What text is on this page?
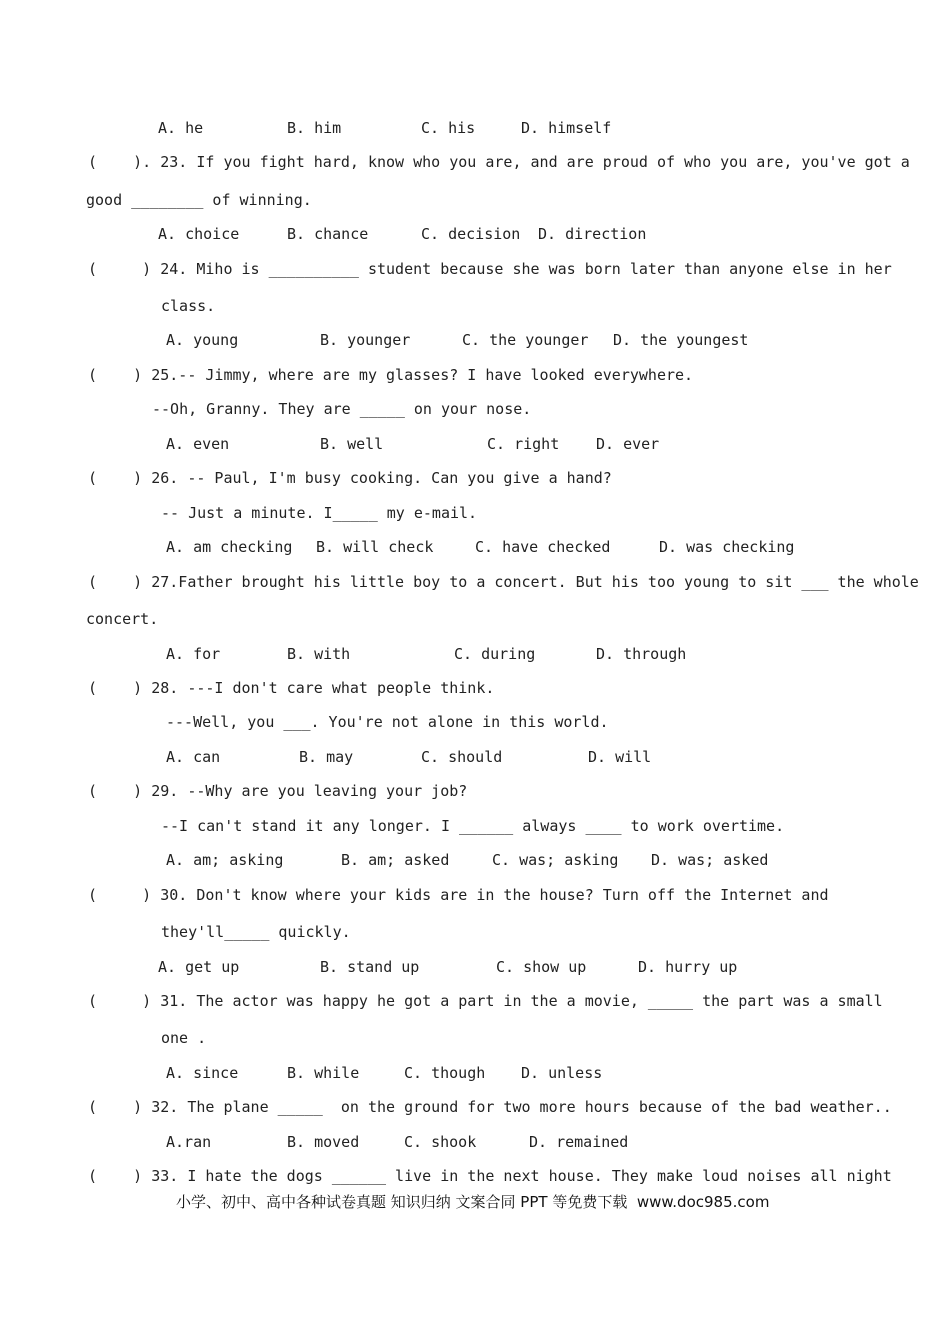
A. he	B. him	C. his	D. himself
(    ). 23. If you fight hard, know who you are, and are proud of who you are, you've got a
good ________ of winning.
A. choice	B. chance	C. decision D. direction
(     ) 24. Miho is __________ student because she was born later than anyone else in her
class.
A. young	B. younger	C. the younger D. the youngest
(    ) 25.-- Jimmy, where are my glasses? I have looked everywhere.
--Oh, Granny. They are _____ on your nose.
A. even	B. well	C. right D. ever
(    ) 26. -- Paul, I'm busy cooking. Can you give a hand?
-- Just a minute. I_____ my e-mail.
A. am checking B. will check	C. have checked	D. was checking
(    ) 27.Father brought his little boy to a concert. But his too young to sit ___ the whole
concert.
A. for	B. with	C. during	D. through
(    ) 28. ---I don't care what people think.
---Well, you ___. You're not alone in this world.
A. can	B. may	C. should	D. will
(    ) 29. --Why are you leaving your job?
--I can't stand it any longer. I ______ always ____ to work overtime.
A. am; asking	B. am; asked	C. was; asking D. was; asked
(     ) 30. Don't know where your kids are in the house? Turn off the Internet and
they'll_____ quickly.
A. get up	B. stand up	C. show up	D. hurry up
(     ) 31. The actor was happy he got a part in the a movie, _____ the part was a small
one .
A. since	B. while	C. though D. unless
(    ) 32. The plane _____  on the ground for two more hours because of the bad weather..
A.ran	B. moved	C. shook	D. remained
(    ) 33. I hate the dogs ______ live in the next house. They make loud noises all night
小学、初中、高中各种试卷真题 知识归纳 文案合同 PPT 等免费下载  www.doc985.com
